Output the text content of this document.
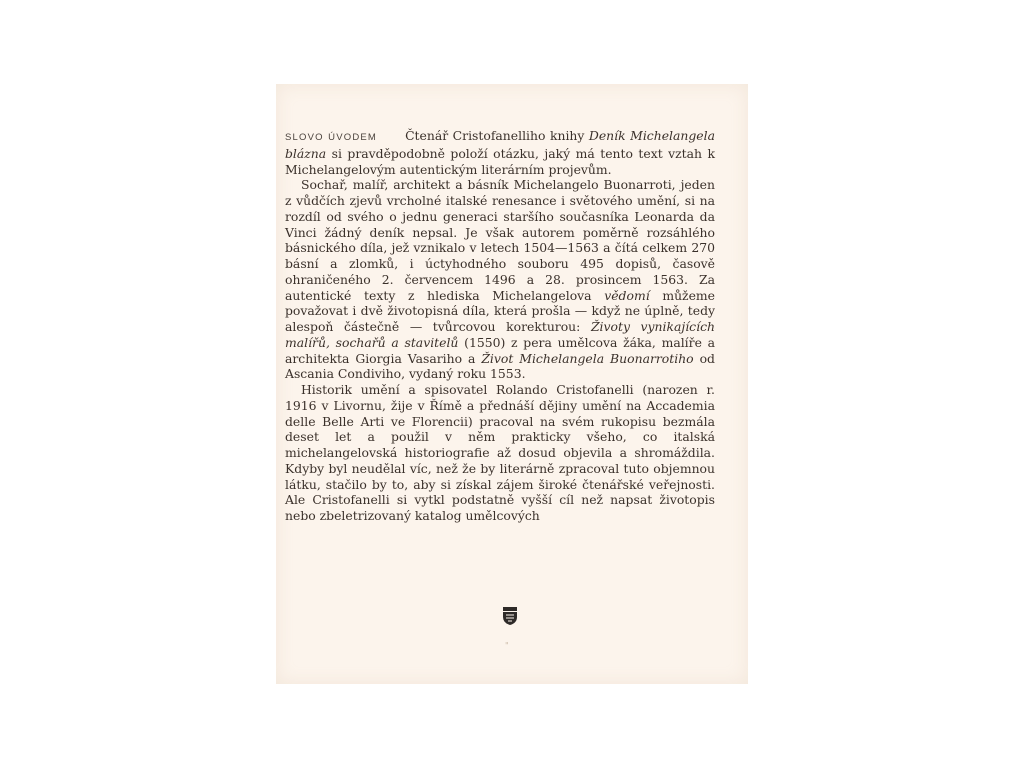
SLOVO ÚVODEM Čtenář Cristofanelliho knihy Deník Michelangela blázna si pravděpodobně položí otázku, jaký má tento text vztah k Michelangelovým autentickým literárním projevům.

Sochař, malíř, architekt a básník Michelangelo Buonarroti, jeden z vůdčích zjevů vrcholné italské renesance i světového umění, si na rozdíl od svého o jednu generaci staršího současníka Leonarda da Vinci žádný deník nepsal. Je však autorem poměrně rozsáhlého básnického díla, jež vznikalo v letech 1504—1563 a čítá celkem 270 básní a zlomků, i úctyhodného souboru 495 dopisů, časově ohraničeného 2. červencem 1496 a 28. prosincem 1563. Za autentické texty z hlediska Michelangelova vědomí můžeme považovat i dvě životopisná díla, která prošla — když ne úplně, tedy alespoň částečně — tvůrcovou korekturou: Životy vynikajících malířů, sochařů a stavitelů (1550) z pera umělcova žáka, malíře a architekta Giorgia Vasariho a Život Michelangela Buonarrotiho od Ascania Condiviho, vydaný roku 1553.

Historik umění a spisovatel Rolando Cristofanelli (narozen r. 1916 v Livornu, žije v Římě a přednáší dějiny umění na Accademia delle Belle Arti ve Florencii) pracoval na svém rukopisu bezmála deset let a použil v něm prakticky všeho, co italská michelangelovská historiografie až dosud objevila a shromáždila. Kdyby byl neudělal víc, než že by literárně zpracoval tuto objemnou látku, stačilo by to, aby si získal zájem široké čtenářské veřejnosti. Ale Cristofanelli si vytkl podstatně vyšší cíl než napsat životopis nebo zbeletrizovaný katalog umělcových

"
